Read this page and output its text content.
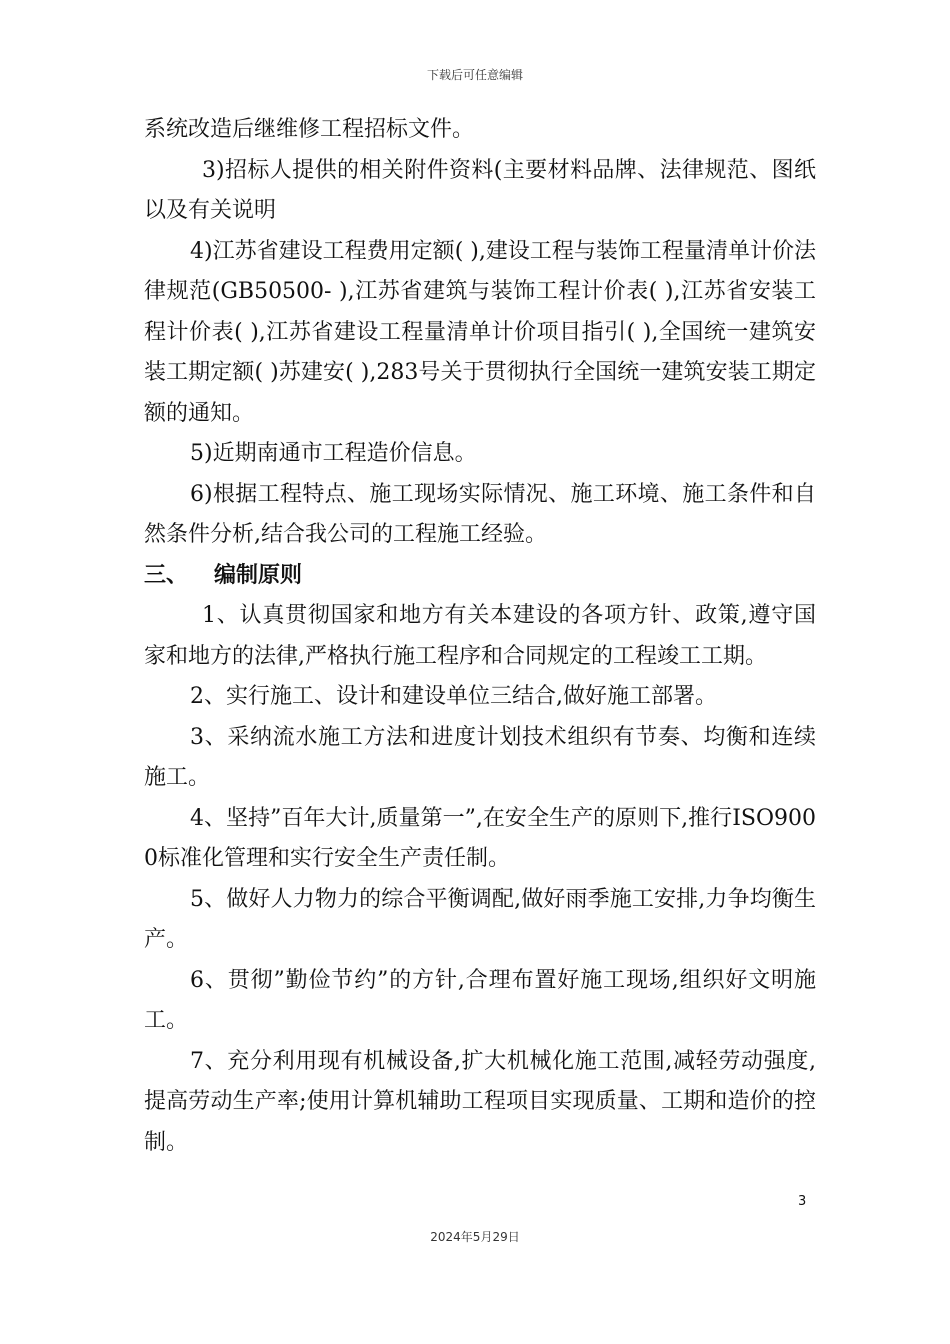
下载后可任意编辑

系统改造后继维修工程招标文件。

3)招标人提供的相关附件资料(主要材料品牌、法律规范、图纸以及有关说明

4)江苏省建设工程费用定额( ),建设工程与装饰工程量清单计价法律规范(GB50500- ),江苏省建筑与装饰工程计价表( ),江苏省安装工程计价表( ),江苏省建设工程量清单计价项目指引( ),全国统一建筑安装工期定额( )苏建安( ),283号关于贯彻执行全国统一建筑安装工期定额的通知。

5)近期南通市工程造价信息。

6)根据工程特点、施工现场实际情况、施工环境、施工条件和自然条件分析,结合我公司的工程施工经验。

三、 编制原则

1、认真贯彻国家和地方有关本建设的各项方针、政策,遵守国家和地方的法律,严格执行施工程序和合同规定的工程竣工工期。

2、实行施工、设计和建设单位三结合,做好施工部署。

3、采纳流水施工方法和进度计划技术组织有节奏、均衡和连续施工。

4、坚持”百年大计,质量第一”,在安全生产的原则下,推行ISO9000标准化管理和实行安全生产责任制。

5、做好人力物力的综合平衡调配,做好雨季施工安排,力争均衡生产。

6、贯彻”勤俭节约”的方针,合理布置好施工现场,组织好文明施工。

7、充分利用现有机械设备,扩大机械化施工范围,减轻劳动强度,提高劳动生产率;使用计算机辅助工程项目实现质量、工期和造价的控制。

3
2024年5月29日
